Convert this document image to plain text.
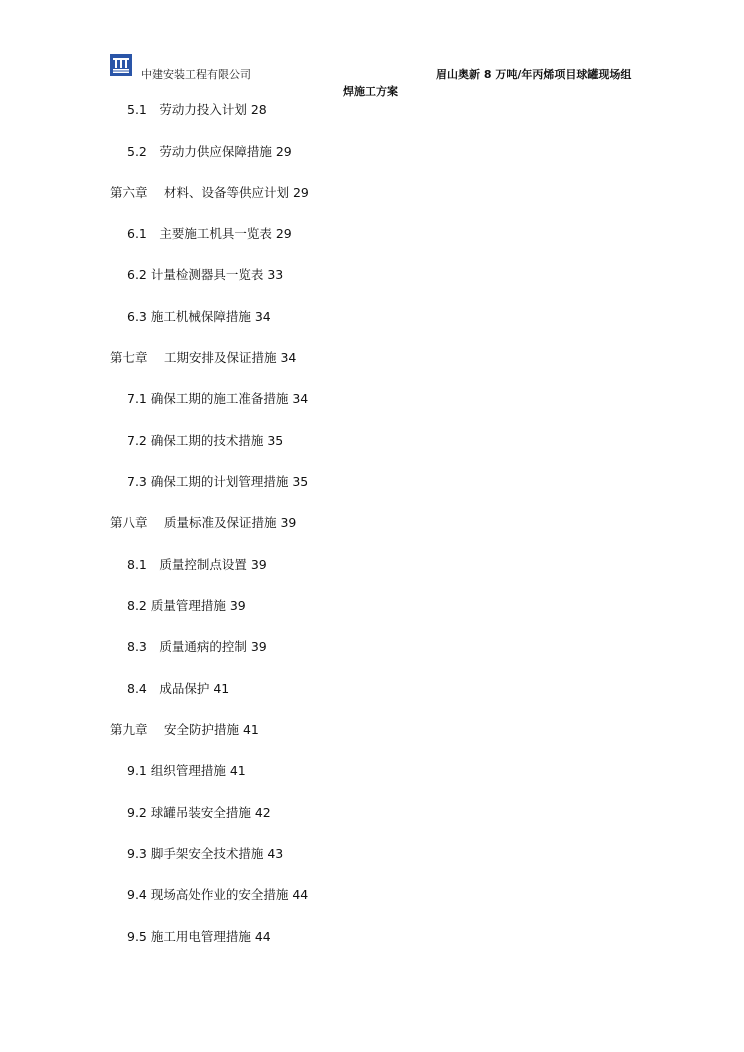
中建安装工程有限公司	眉山奥新 8 万吨/年丙烯项目球罐现场组
焊施工方案
5.1　劳动力投入计划 28
5.2　劳动力供应保障措施 29
第六章　 材料、设备等供应计划 29
6.1　主要施工机具一览表 29
6.2 计量检测器具一览表 33
6.3 施工机械保障措施 34
第七章　 工期安排及保证措施 34
7.1 确保工期的施工准备措施 34
7.2 确保工期的技术措施 35
7.3 确保工期的计划管理措施 35
第八章　 质量标准及保证措施 39
8.1　质量控制点设置 39
8.2 质量管理措施 39
8.3　质量通病的控制 39
8.4　成品保护 41
第九章　 安全防护措施 41
9.1 组织管理措施 41
9.2 球罐吊装安全措施 42
9.3 脚手架安全技术措施 43
9.4 现场高处作业的安全措施 44
9.5 施工用电管理措施 44
